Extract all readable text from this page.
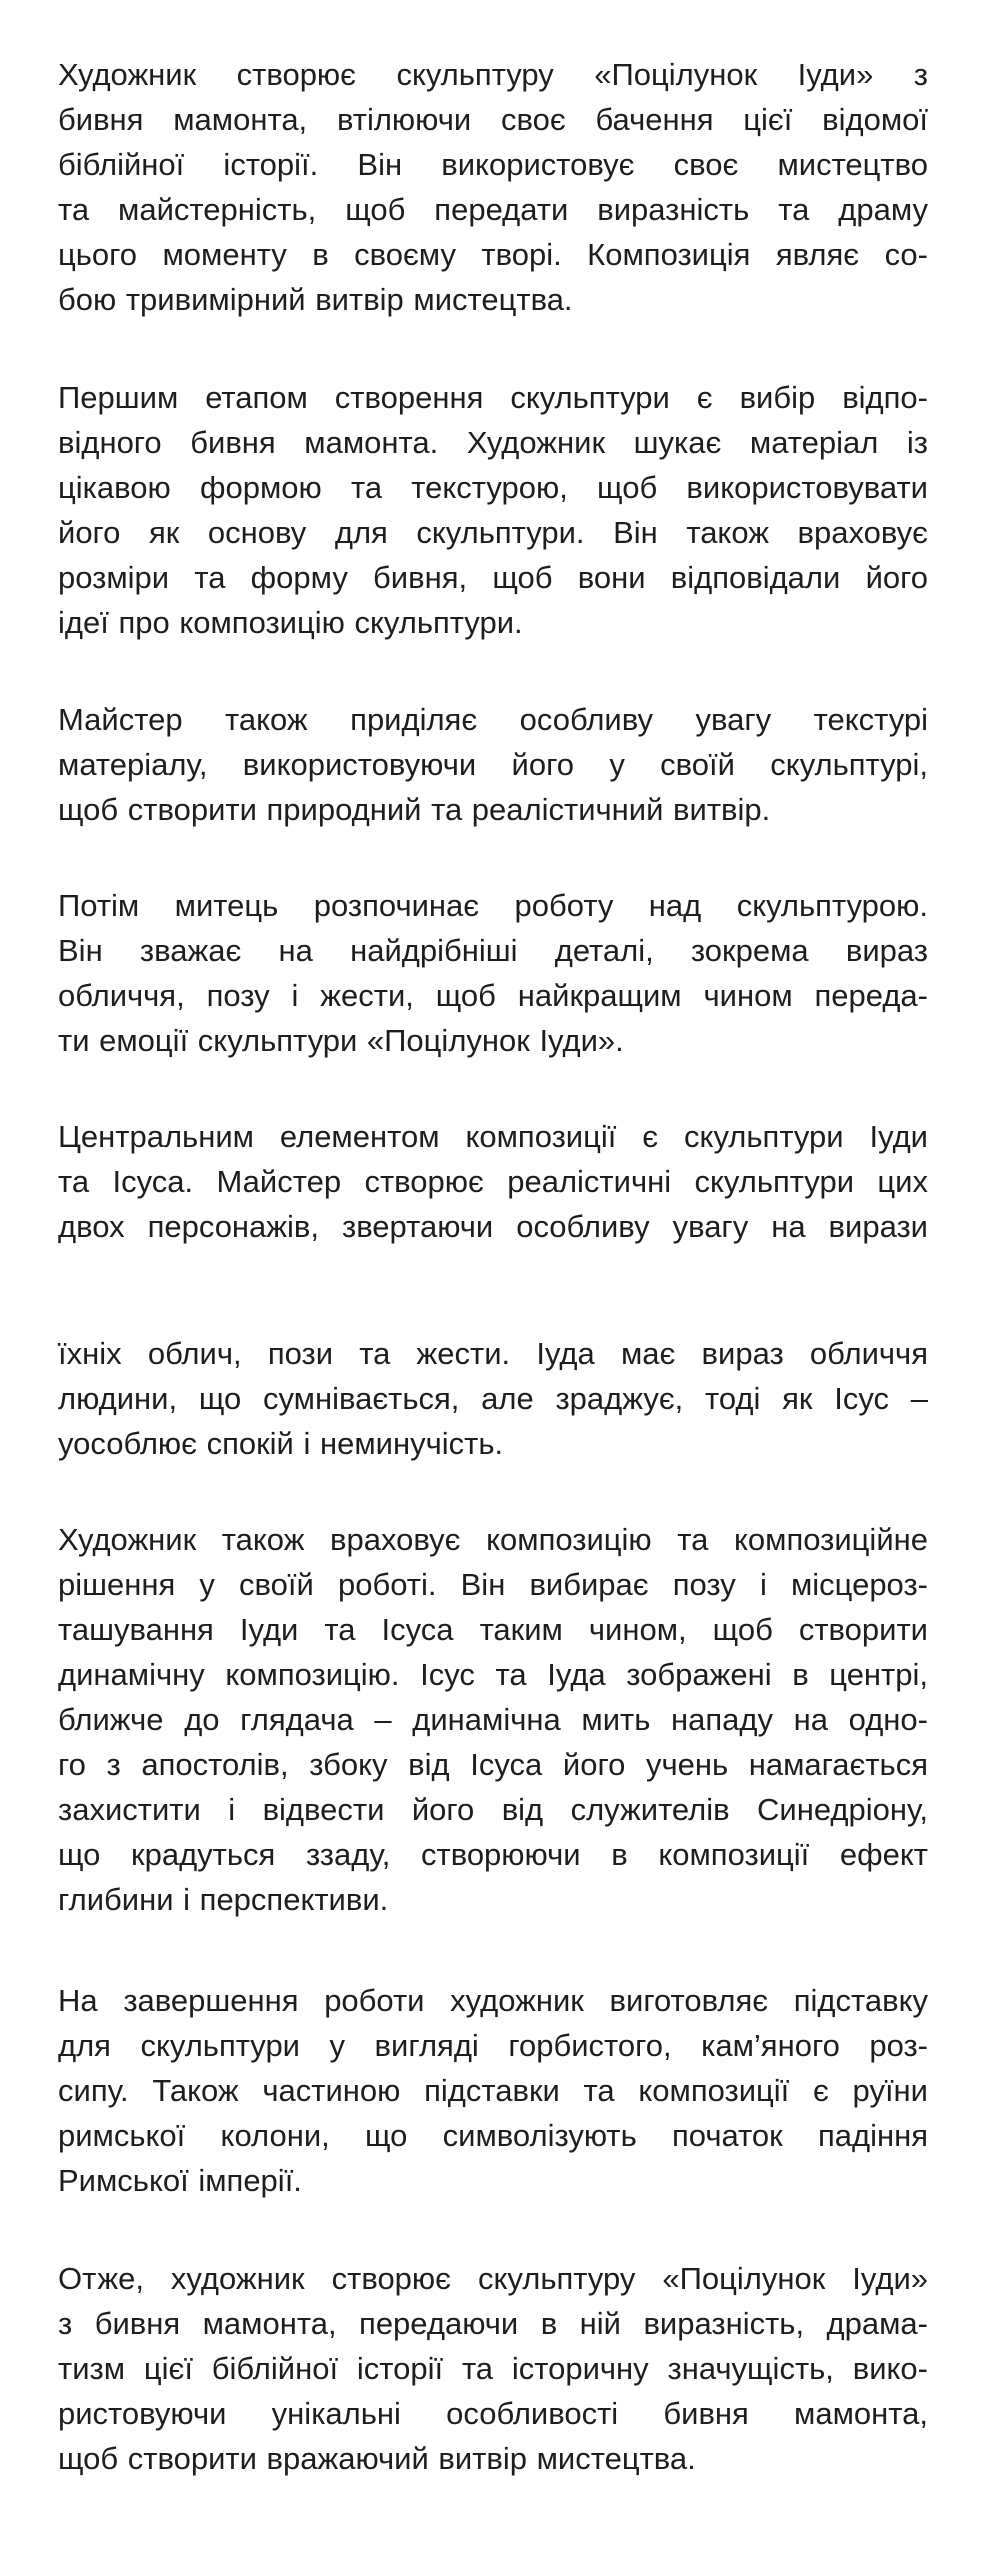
Художник створює скульптуру «Поцілунок Іуди» з
бивня мамонта, втілюючи своє бачення цієї відомої
біблійної історії. Він використовує своє мистецтво
та майстерність, щоб передати виразність та драму
цього моменту в своєму творі. Композиція являє со-
бою тривимірний витвір мистецтва.

Першим етапом створення скульптури є вибір відпо-
відного бивня мамонта. Художник шукає матеріал із
цікавою формою та текстурою, щоб використовувати
його як основу для скульптури. Він також враховує
розміри та форму бивня, щоб вони відповідали його
ідеї про композицію скульптури.

Майстер також приділяє особливу увагу текстурі
матеріалу, використовуючи його у своїй скульптурі,
щоб створити природний та реалістичний витвір.

Потім митець розпочинає роботу над скульптурою.
Він зважає на найдрібніші деталі, зокрема вираз
обличчя, позу і жести, щоб найкращим чином переда-
ти емоції скульптури «Поцілунок Іуди».

Центральним елементом композиції є скульптури Іуди
та Ісуса. Майстер створює реалістичні скульптури цих
двох персонажів, звертаючи особливу увагу на вирази

їхніх облич, пози та жести. Іуда має вираз обличчя
людини, що сумнівається, але зраджує, тоді як Ісус –
уособлює спокій і неминучість.

Художник також враховує композицію та композиційне
рішення у своїй роботі. Він вибирає позу і місцероз-
ташування Іуди та Ісуса таким чином, щоб створити
динамічну композицію. Ісус та Іуда зображені в центрі,
ближче до глядача – динамічна мить нападу на одно-
го з апостолів, збоку від Ісуса його учень намагається
захистити і відвести його від служителів Синедріону,
що крадуться ззаду, створюючи в композиції ефект
глибини і перспективи.

На завершення роботи художник виготовляє підставку
для скульптури у вигляді горбистого, кам’яного роз-
сипу. Також частиною підставки та композиції є руїни
римської колони, що символізують початок падіння
Римської імперії.

Отже, художник створює скульптуру «Поцілунок Іуди»
з бивня мамонта, передаючи в ній виразність, драма-
тизм цієї біблійної історії та історичну значущість, вико-
ристовуючи унікальні особливості бивня мамонта,
щоб створити вражаючий витвір мистецтва.
